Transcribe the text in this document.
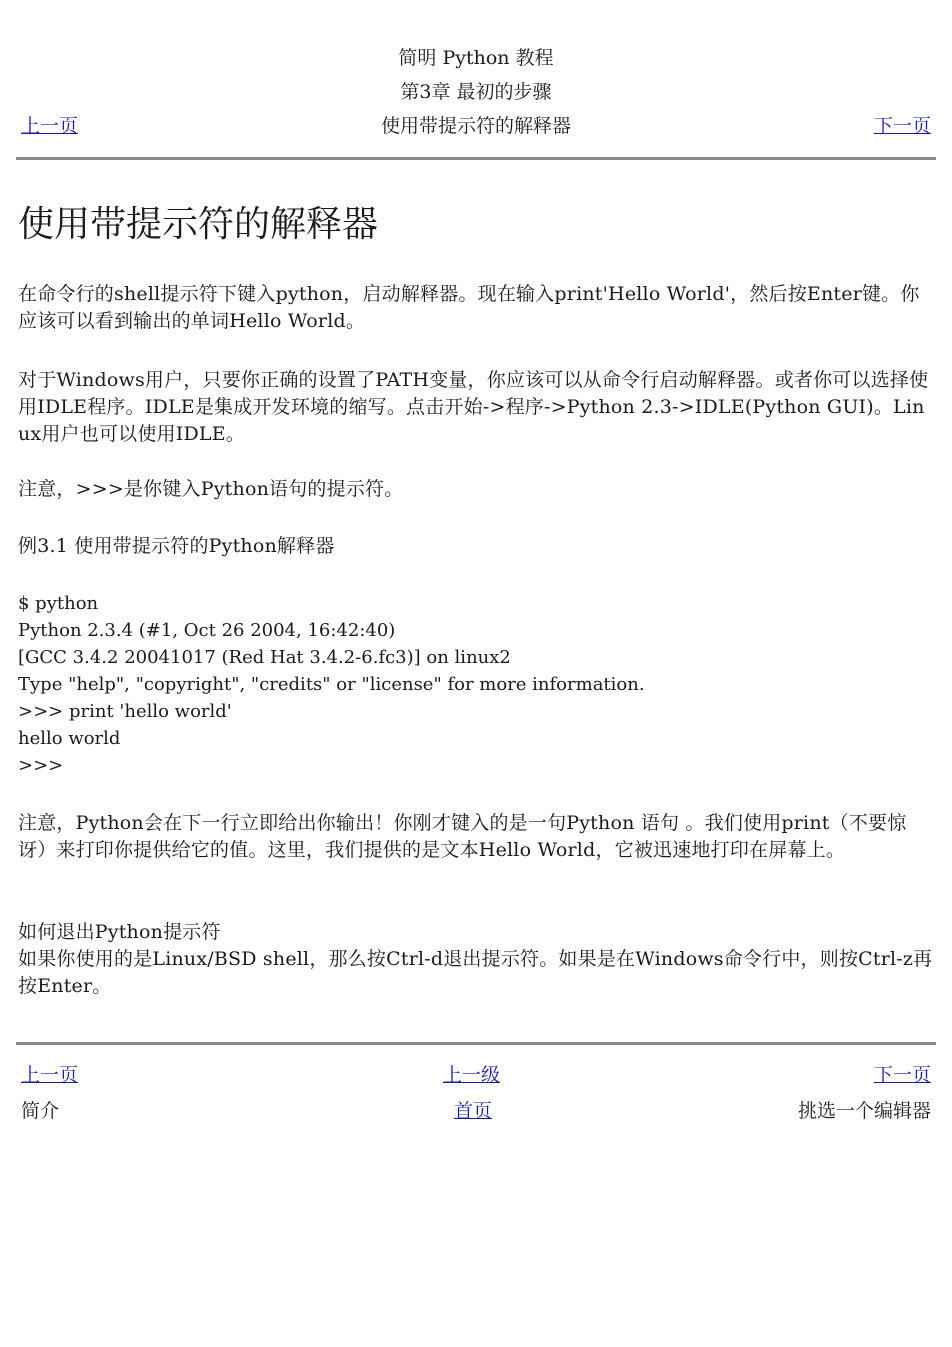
简明 Python 教程
第3章 最初的步骤
使用带提示符的解释器
上一页	下一页
使用带提示符的解释器

在命令行的shell提示符下键入python，启动解释器。现在输入print'Hello World'，然后按Enter键。你应该可以看到输出的单词Hello World。

对于Windows用户，只要你正确的设置了PATH变量，你应该可以从命令行启动解释器。或者你可以选择使用IDLE程序。IDLE是集成开发环境的缩写。点击开始->程序->Python 2.3->IDLE(Python GUI)。Linux用户也可以使用IDLE。

注意，>>>是你键入Python语句的提示符。

例3.1 使用带提示符的Python解释器

$ python
Python 2.3.4 (#1, Oct 26 2004, 16:42:40)
[GCC 3.4.2 20041017 (Red Hat 3.4.2-6.fc3)] on linux2
Type "help", "copyright", "credits" or "license" for more information.
>>> print 'hello world'
hello world
>>>

注意，Python会在下一行立即给出你输出！你刚才键入的是一句Python 语句 。我们使用print（不要惊讶）来打印你提供给它的值。这里，我们提供的是文本Hello World，它被迅速地打印在屏幕上。

如何退出Python提示符

如果你使用的是Linux/BSD shell，那么按Ctrl-d退出提示符。如果是在Windows命令行中，则按Ctrl-z再按Enter。

上一页	上一级	下一页
简介	首页	挑选一个编辑器
